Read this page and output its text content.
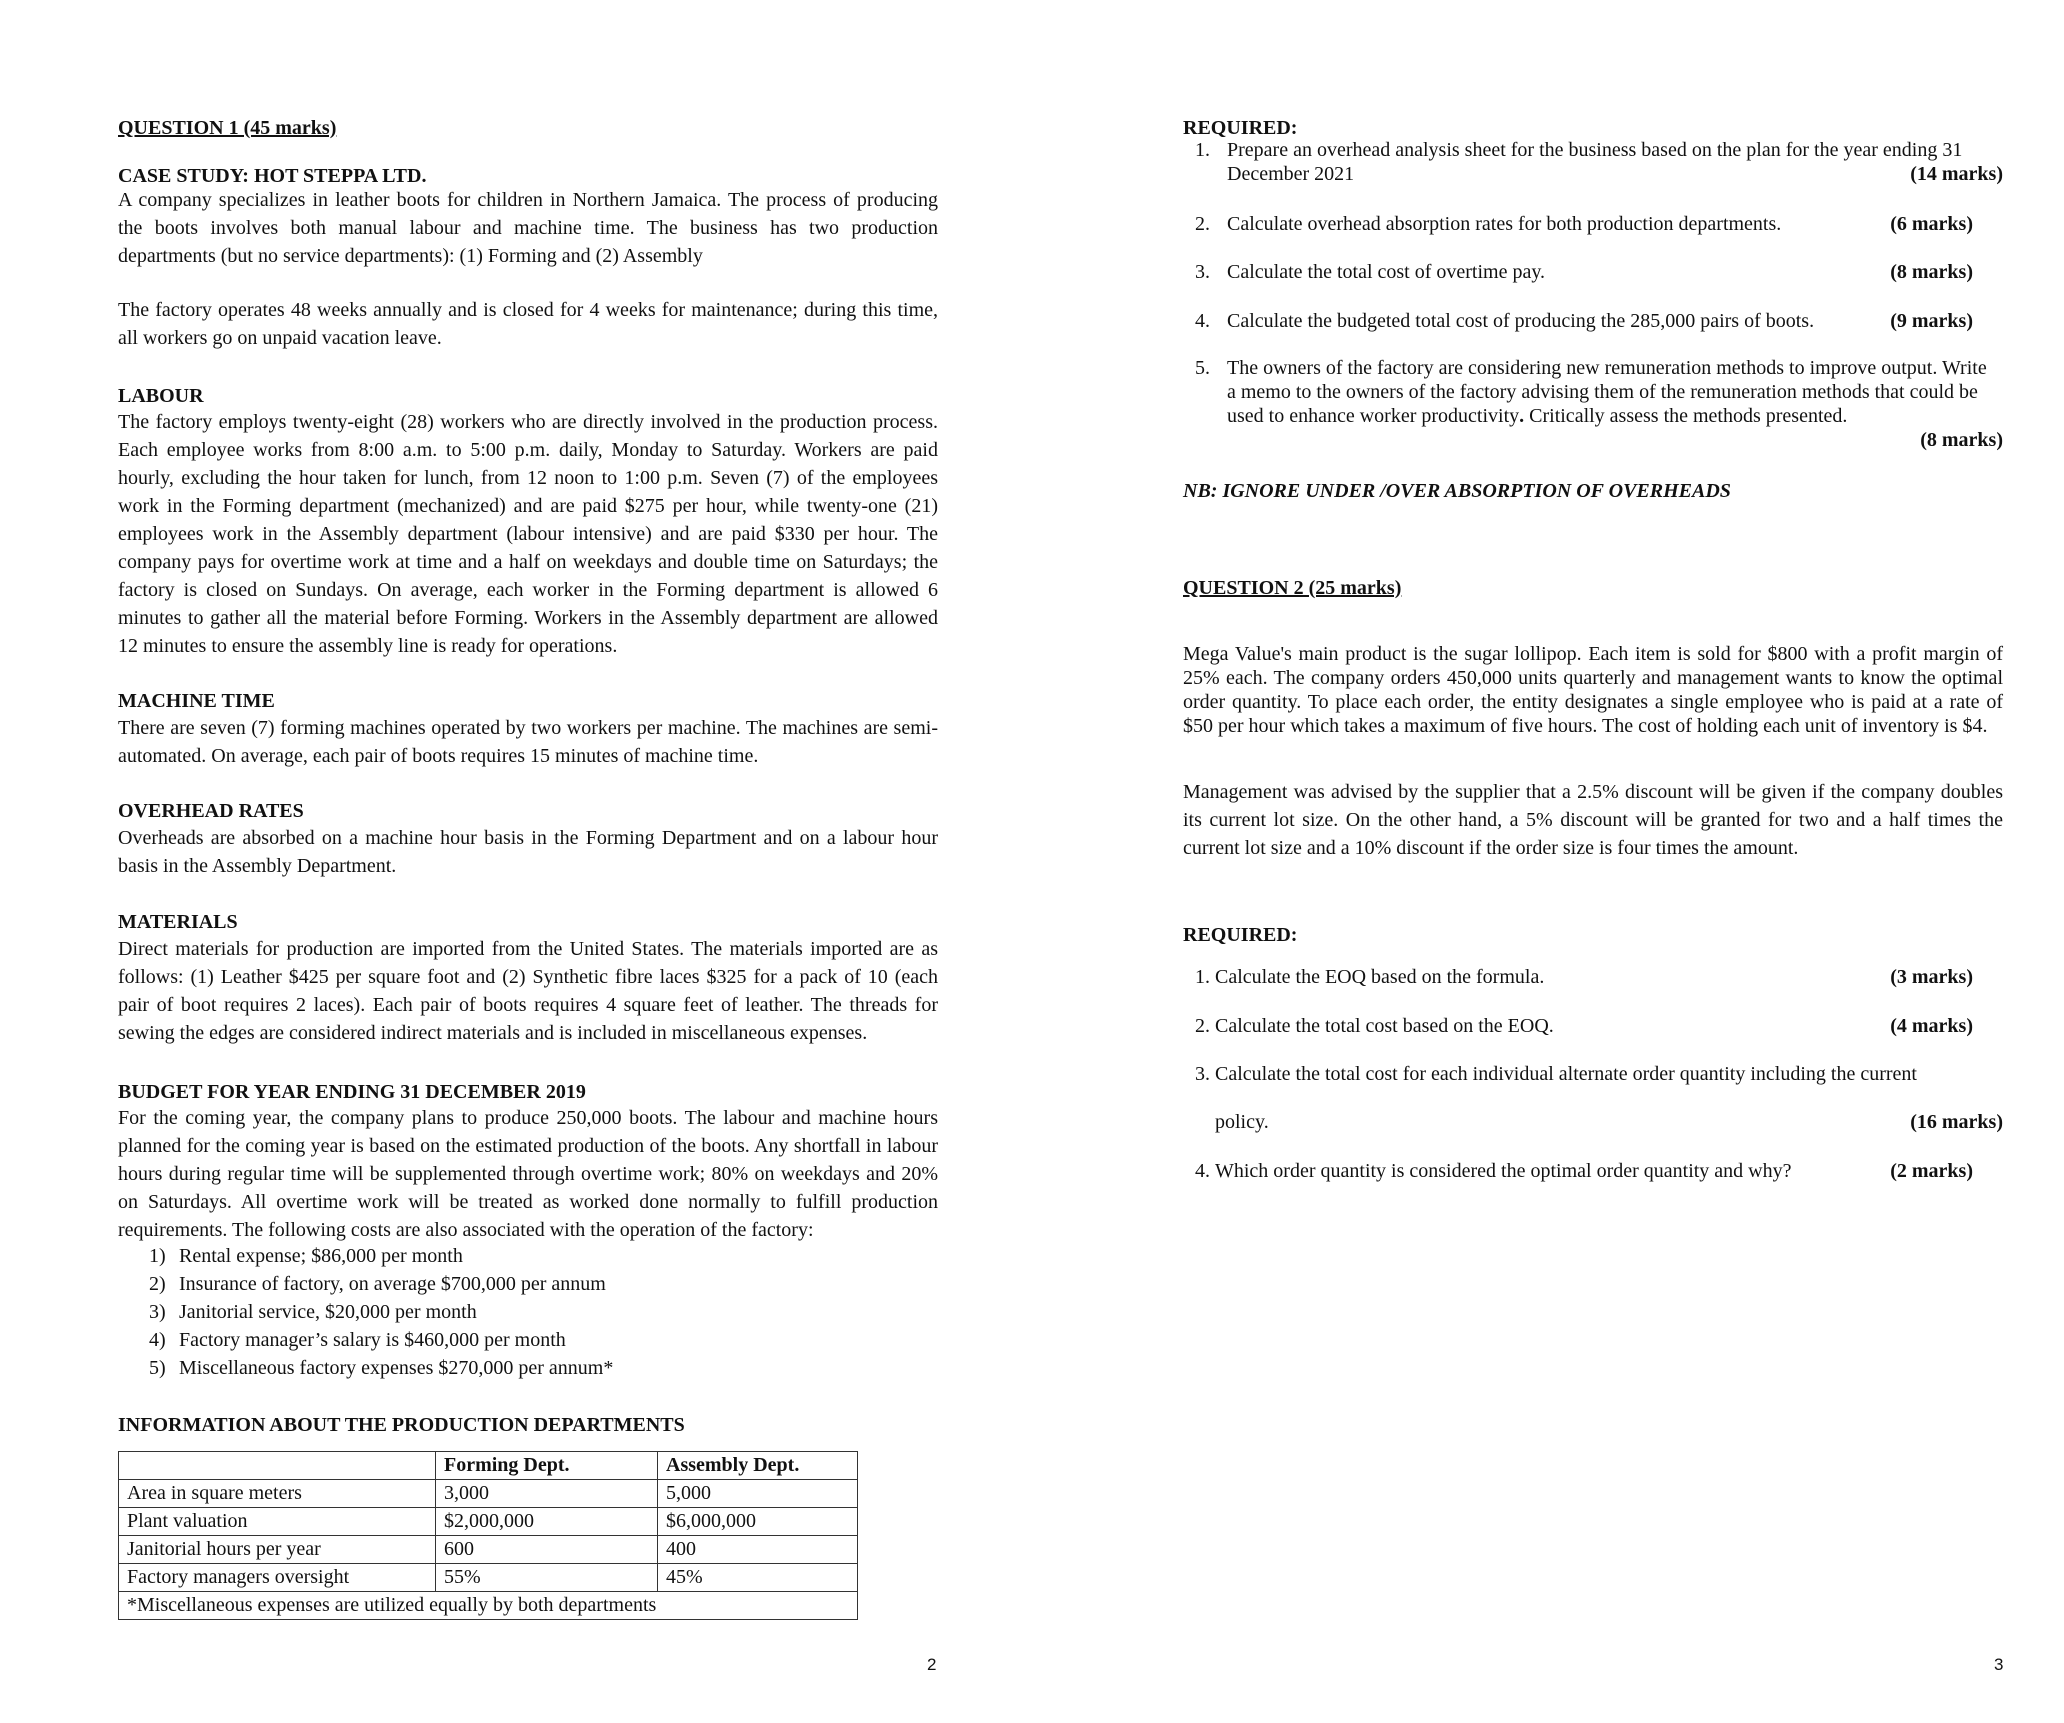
QUESTION 1 (45 marks)
CASE STUDY: HOT STEPPA LTD.
A company specializes in leather boots for children in Northern Jamaica. The process of producing the boots involves both manual labour and machine time. The business has two production departments (but no service departments): (1) Forming and (2) Assembly
The factory operates 48 weeks annually and is closed for 4 weeks for maintenance; during this time, all workers go on unpaid vacation leave.
LABOUR
The factory employs twenty-eight (28) workers who are directly involved in the production process. Each employee works from 8:00 a.m. to 5:00 p.m. daily, Monday to Saturday. Workers are paid hourly, excluding the hour taken for lunch, from 12 noon to 1:00 p.m. Seven (7) of the employees work in the Forming department (mechanized) and are paid $275 per hour, while twenty-one (21) employees work in the Assembly department (labour intensive) and are paid $330 per hour. The company pays for overtime work at time and a half on weekdays and double time on Saturdays; the factory is closed on Sundays. On average, each worker in the Forming department is allowed 6 minutes to gather all the material before Forming. Workers in the Assembly department are allowed 12 minutes to ensure the assembly line is ready for operations.
MACHINE TIME
There are seven (7) forming machines operated by two workers per machine. The machines are semi-automated. On average, each pair of boots requires 15 minutes of machine time.
OVERHEAD RATES
Overheads are absorbed on a machine hour basis in the Forming Department and on a labour hour basis in the Assembly Department.
MATERIALS
Direct materials for production are imported from the United States. The materials imported are as follows: (1) Leather $425 per square foot and (2) Synthetic fibre laces $325 for a pack of 10 (each pair of boot requires 2 laces). Each pair of boots requires 4 square feet of leather. The threads for sewing the edges are considered indirect materials and is included in miscellaneous expenses.
BUDGET FOR YEAR ENDING 31 DECEMBER 2019
For the coming year, the company plans to produce 250,000 boots. The labour and machine hours planned for the coming year is based on the estimated production of the boots. Any shortfall in labour hours during regular time will be supplemented through overtime work; 80% on weekdays and 20% on Saturdays. All overtime work will be treated as worked done normally to fulfill production requirements. The following costs are also associated with the operation of the factory:
1) Rental expense; $86,000 per month
2) Insurance of factory, on average $700,000 per annum
3) Janitorial service, $20,000 per month
4) Factory manager’s salary is $460,000 per month
5) Miscellaneous factory expenses $270,000 per annum*
INFORMATION ABOUT THE PRODUCTION DEPARTMENTS
	Forming Dept.	Assembly Dept.
Area in square meters	3,000	5,000
Plant valuation	$2,000,000	$6,000,000
Janitorial hours per year	600	400
Factory managers oversight	55%	45%
*Miscellaneous expenses are utilized equally by both departments		
2
REQUIRED:
1. Prepare an overhead analysis sheet for the business based on the plan for the year ending 31 December 2021	(14 marks)
2. Calculate overhead absorption rates for both production departments.	(6 marks)
3. Calculate the total cost of overtime pay.	(8 marks)
4. Calculate the budgeted total cost of producing the 285,000 pairs of boots.	(9 marks)
5. The owners of the factory are considering new remuneration methods to improve output. Write a memo to the owners of the factory advising them of the remuneration methods that could be used to enhance worker productivity. Critically assess the methods presented.
(8 marks)
NB: IGNORE UNDER /OVER ABSORPTION OF OVERHEADS
QUESTION 2 (25 marks)
Mega Value's main product is the sugar lollipop. Each item is sold for $800 with a profit margin of 25% each. The company orders 450,000 units quarterly and management wants to know the optimal order quantity. To place each order, the entity designates a single employee who is paid at a rate of $50 per hour which takes a maximum of five hours. The cost of holding each unit of inventory is $4.
Management was advised by the supplier that a 2.5% discount will be given if the company doubles its current lot size. On the other hand, a 5% discount will be granted for two and a half times the current lot size and a 10% discount if the order size is four times the amount.
REQUIRED:
1. Calculate the EOQ based on the formula.	(3 marks)
2. Calculate the total cost based on the EOQ.	(4 marks)
3. Calculate the total cost for each individual alternate order quantity including the current
policy.	(16 marks)
4. Which order quantity is considered the optimal order quantity and why?	(2 marks)
3
